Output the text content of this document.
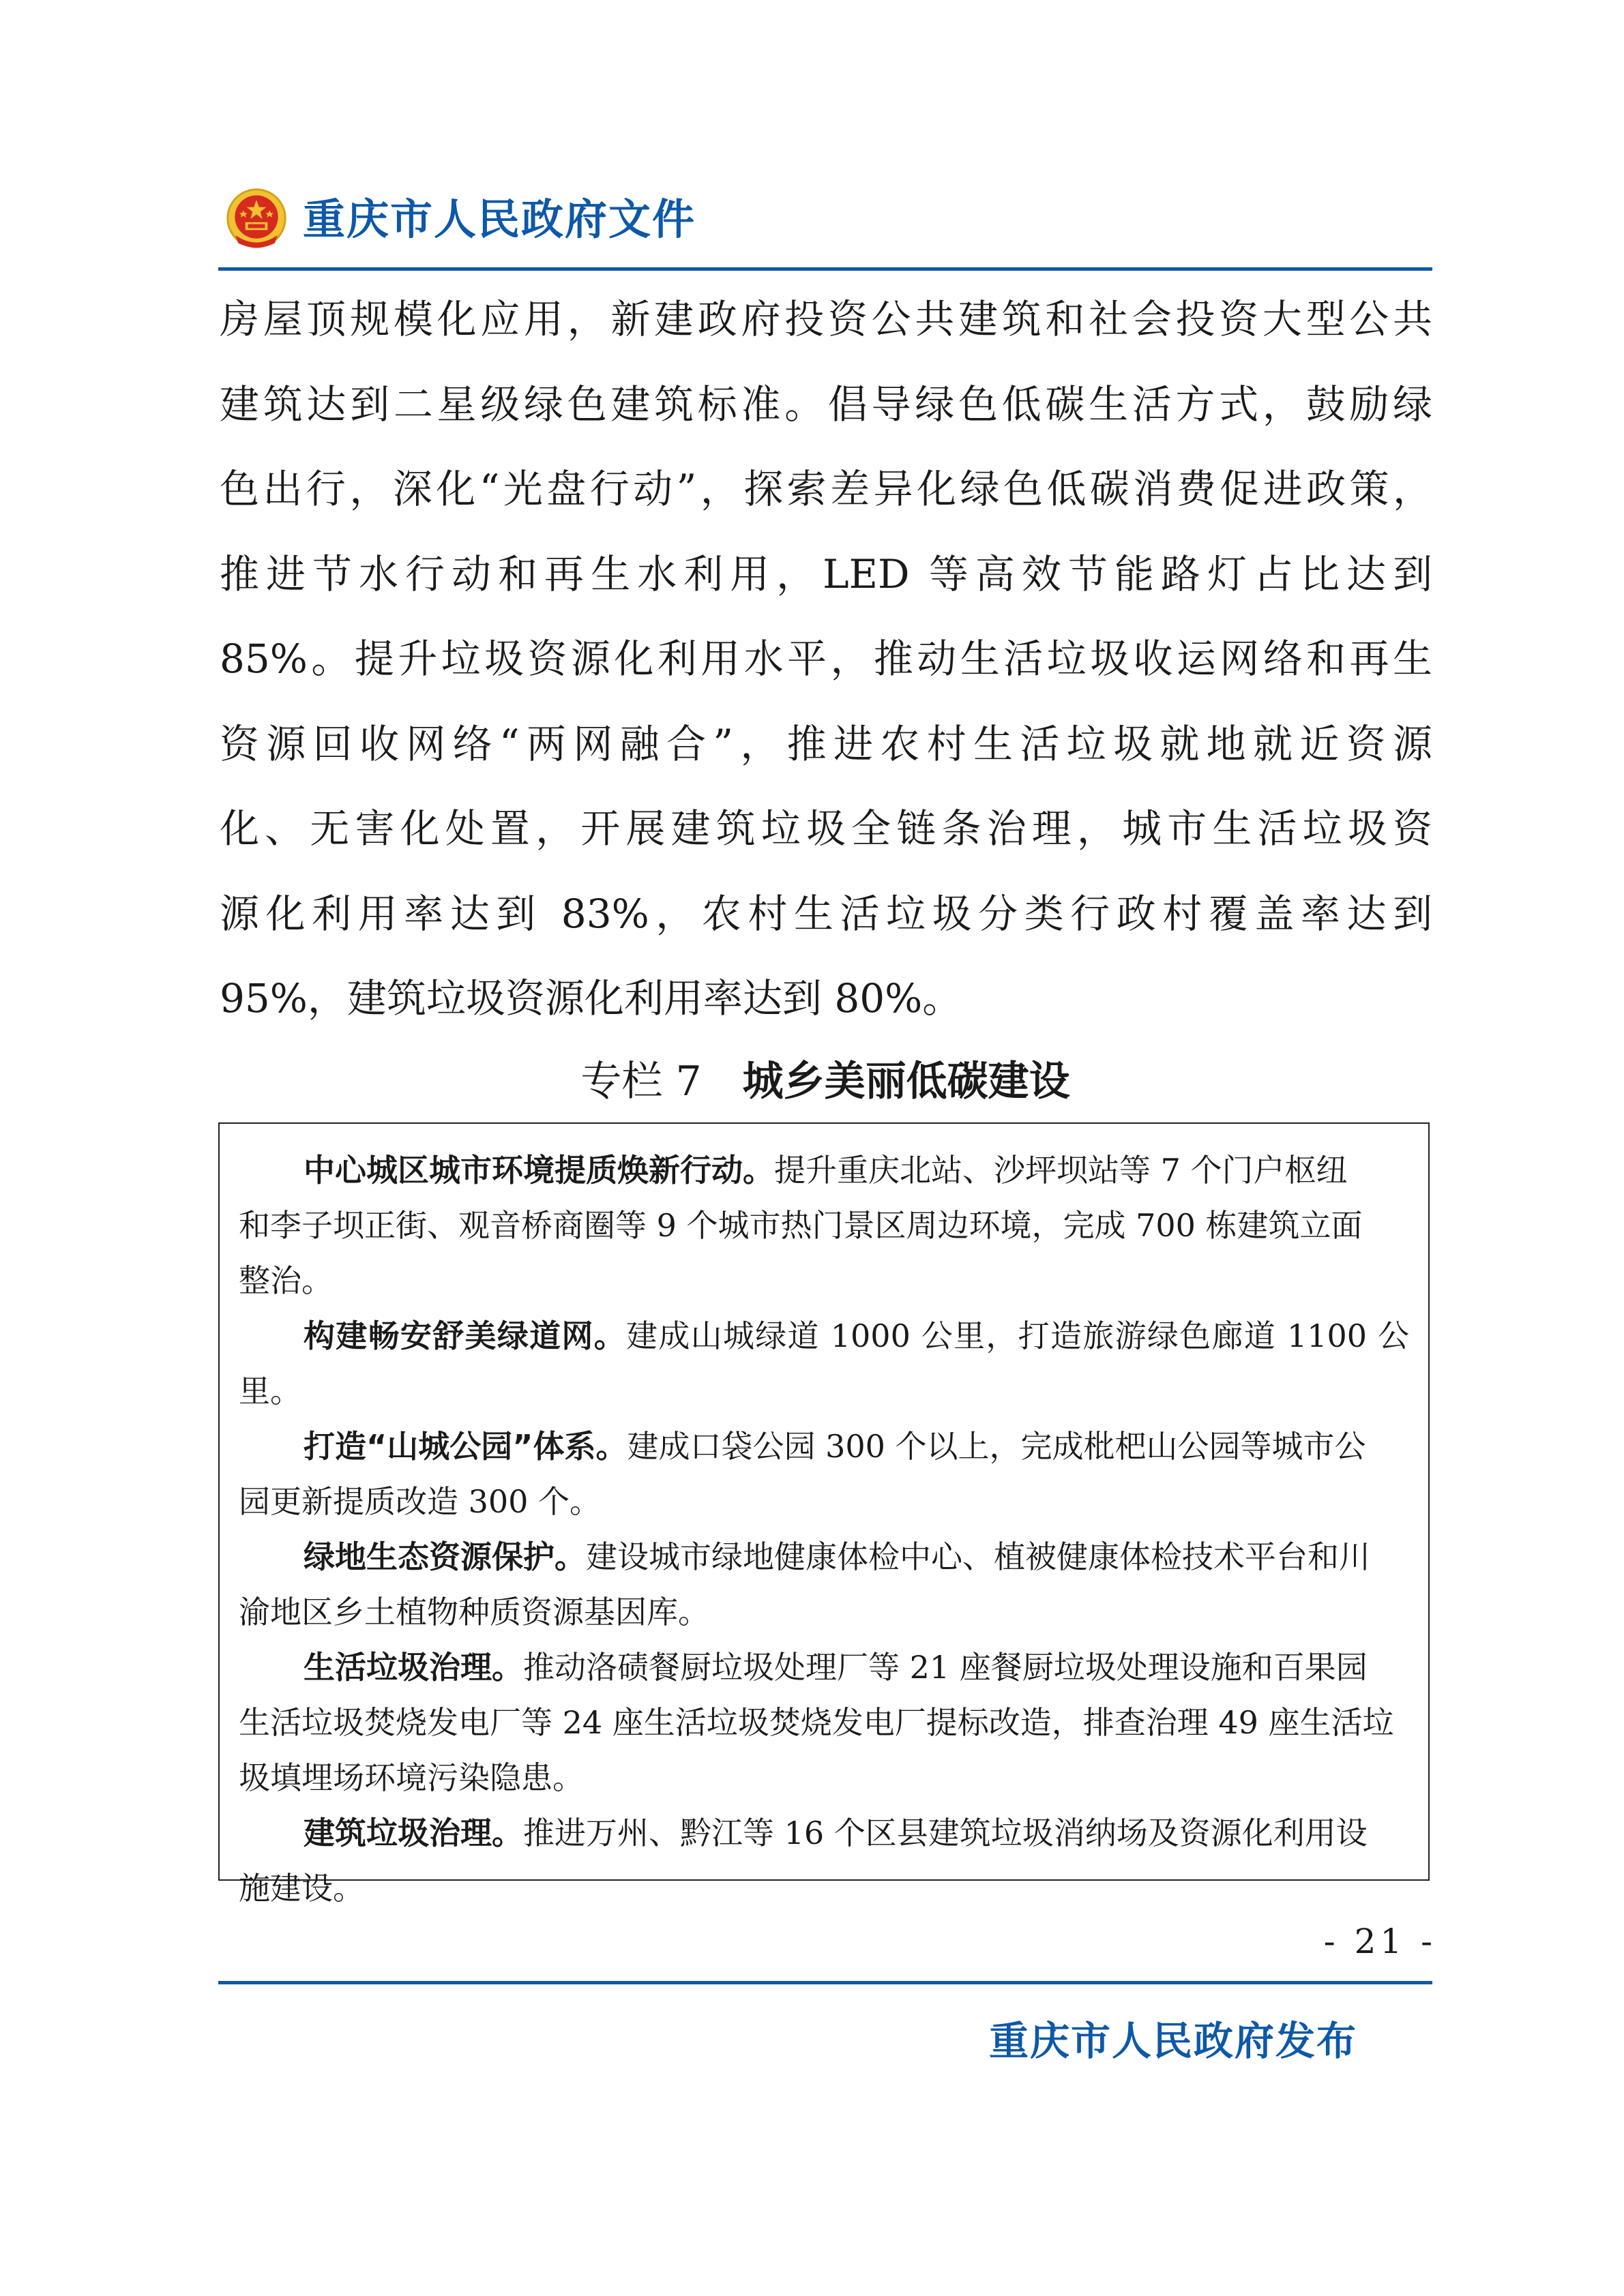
重庆市人民政府文件
房屋顶规模化应用，新建政府投资公共建筑和社会投资大型公共
建筑达到二星级绿色建筑标准。倡导绿色低碳生活方式，鼓励绿
色出行，深化“光盘行动”，探索差异化绿色低碳消费促进政策，
推进节水行动和再生水利用，LED 等高效节能路灯占比达到
85%。提升垃圾资源化利用水平，推动生活垃圾收运网络和再生
资源回收网络“两网融合”，推进农村生活垃圾就地就近资源
化、无害化处置，开展建筑垃圾全链条治理，城市生活垃圾资
源化利用率达到 83%，农村生活垃圾分类行政村覆盖率达到
95%，建筑垃圾资源化利用率达到 80%。
专栏 7 城乡美丽低碳建设

中心城区城市环境提质焕新行动。提升重庆北站、沙坪坝站等 7 个门户枢纽
和李子坝正街、观音桥商圈等 9 个城市热门景区周边环境，完成 700 栋建筑立面
整治。

构建畅安舒美绿道网。建成山城绿道 1000 公里，打造旅游绿色廊道 1100 公里。

打造“山城公园”体系。建成口袋公园 300 个以上，完成枇杷山公园等城市公
园更新提质改造 300 个。

绿地生态资源保护。建设城市绿地健康体检中心、植被健康体检技术平台和川
渝地区乡土植物种质资源基因库。

生活垃圾治理。推动洛碛餐厨垃圾处理厂等 21 座餐厨垃圾处理设施和百果园
生活垃圾焚烧发电厂等 24 座生活垃圾焚烧发电厂提标改造，排查治理 49 座生活垃
圾填埋场环境污染隐患。

建筑垃圾治理。推进万州、黔江等 16 个区县建筑垃圾消纳场及资源化利用设
施建设。

- 21 -
重庆市人民政府发布
